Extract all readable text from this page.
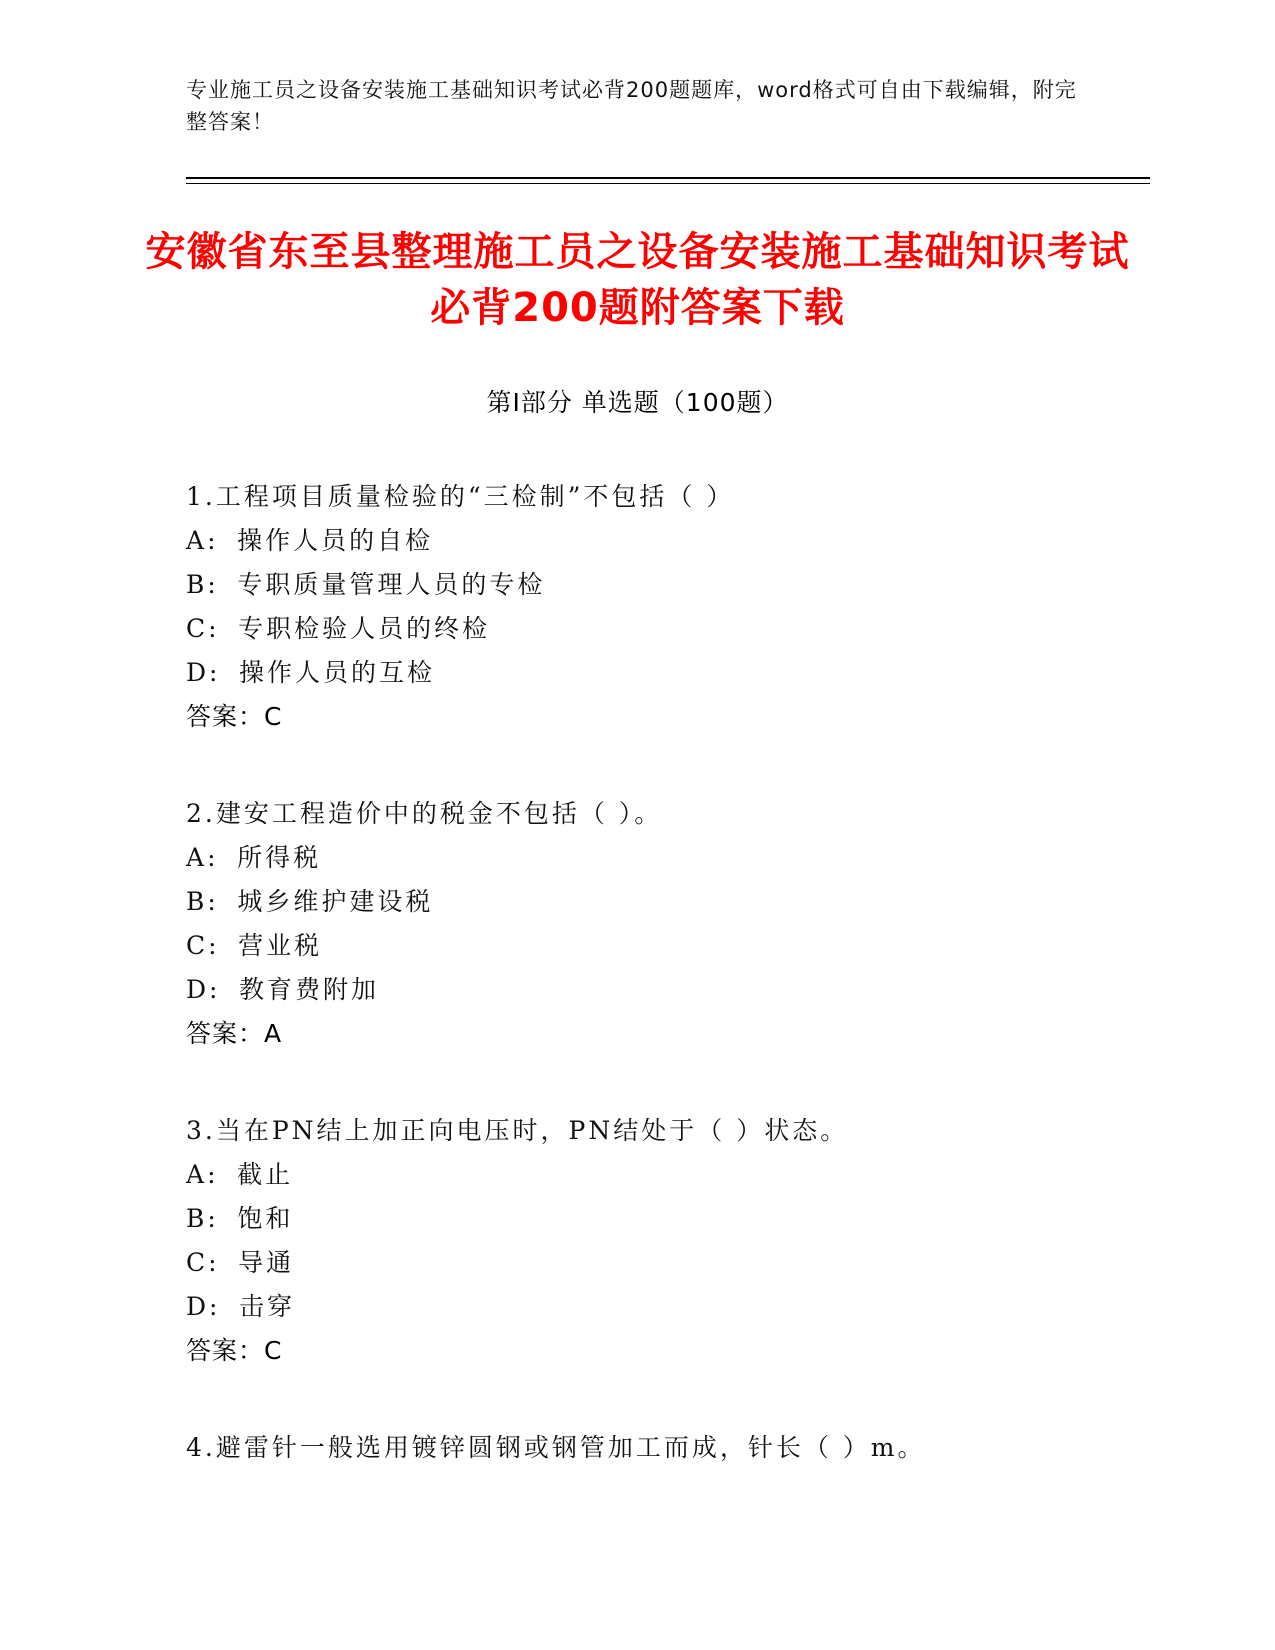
专业施工员之设备安装施工基础知识考试必背200题题库，word格式可自由下载编辑，附完整答案！
安徽省东至县整理施工员之设备安装施工基础知识考试必背200题附答案下载
第I部分 单选题（100题）
1.工程项目质量检验的“三检制”不包括（ ）
A: 操作人员的自检
B: 专职质量管理人员的专检
C: 专职检验人员的终检
D: 操作人员的互检
答案：C
2.建安工程造价中的税金不包括（ ）。
A: 所得税
B: 城乡维护建设税
C: 营业税
D: 教育费附加
答案：A
3.当在PN结上加正向电压时，PN结处于（ ）状态。
A: 截止
B: 饱和
C: 导通
D: 击穿
答案：C
4.避雷针一般选用镀锌圆钢或钢管加工而成，针长（ ）m。
